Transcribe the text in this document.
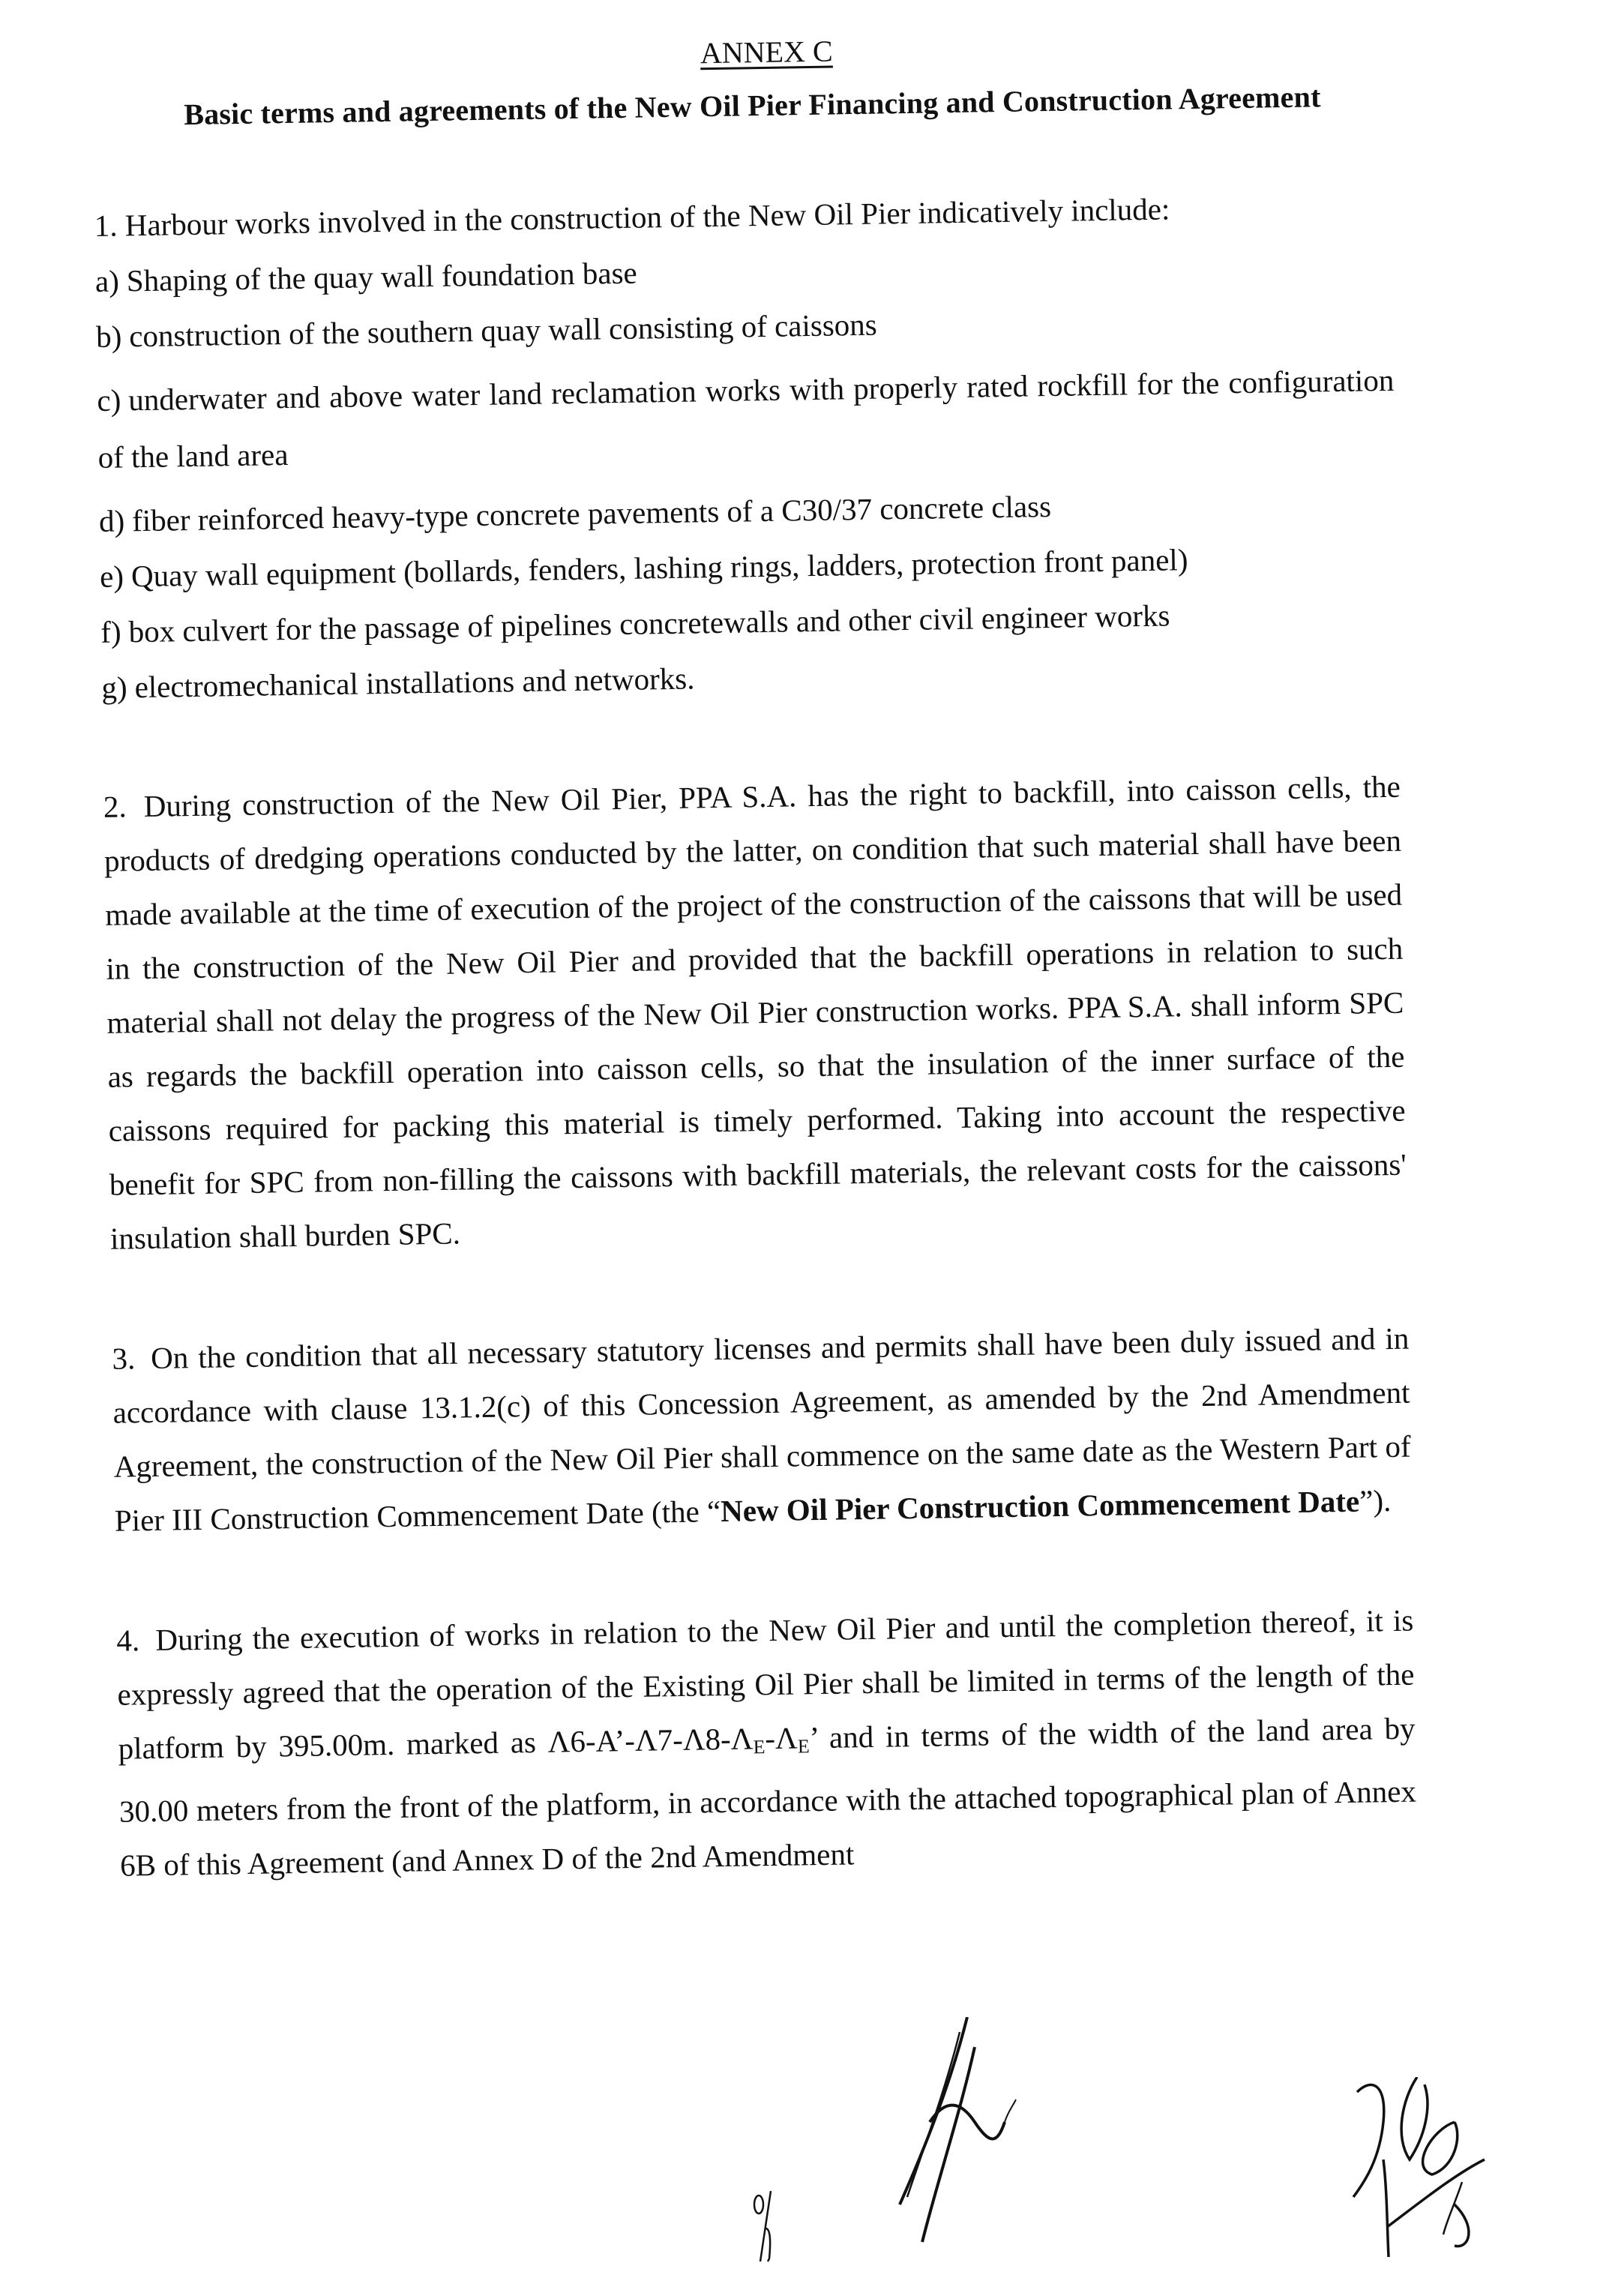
ANNEX C
Basic terms and agreements of the New Oil Pier Financing and Construction Agreement
1. Harbour works involved in the construction of the New Oil Pier indicatively include:
a) Shaping of the quay wall foundation base
b) construction of the southern quay wall consisting of caissons
c) underwater and above water land reclamation works with properly rated rockfill for the configuration of the land area
d) fiber reinforced heavy-type concrete pavements of a C30/37 concrete class
e) Quay wall equipment (bollards, fenders, lashing rings, ladders, protection front panel)
f) box culvert for the passage of pipelines concretewalls and other civil engineer works
g) electromechanical installations and networks.

2. During construction of the New Oil Pier, PPA S.A. has the right to backfill, into caisson cells, the products of dredging operations conducted by the latter, on condition that such material shall have been made available at the time of execution of the project of the construction of the caissons that will be used in the construction of the New Oil Pier and provided that the backfill operations in relation to such material shall not delay the progress of the New Oil Pier construction works. PPA S.A. shall inform SPC as regards the backfill operation into caisson cells, so that the insulation of the inner surface of the caissons required for packing this material is timely performed. Taking into account the respective benefit for SPC from non-filling the caissons with backfill materials, the relevant costs for the caissons' insulation shall burden SPC.

3. On the condition that all necessary statutory licenses and permits shall have been duly issued and in accordance with clause 13.1.2(c) of this Concession Agreement, as amended by the 2nd Amendment Agreement, the construction of the New Oil Pier shall commence on the same date as the Western Part of Pier III Construction Commencement Date (the “New Oil Pier Construction Commencement Date”).

4. During the execution of works in relation to the New Oil Pier and until the completion thereof, it is expressly agreed that the operation of the Existing Oil Pier shall be limited in terms of the length of the platform by 395.00m. marked as $\Lambda 6-A’-\Lambda 7-\Lambda 8-\Lambda_E-\Lambda_E$’ and in terms of the width of the land area by 30.00 meters from the front of the platform, in accordance with the attached topographical plan of Annex 6B of this Agreement (and Annex D of the 2nd Amendment
